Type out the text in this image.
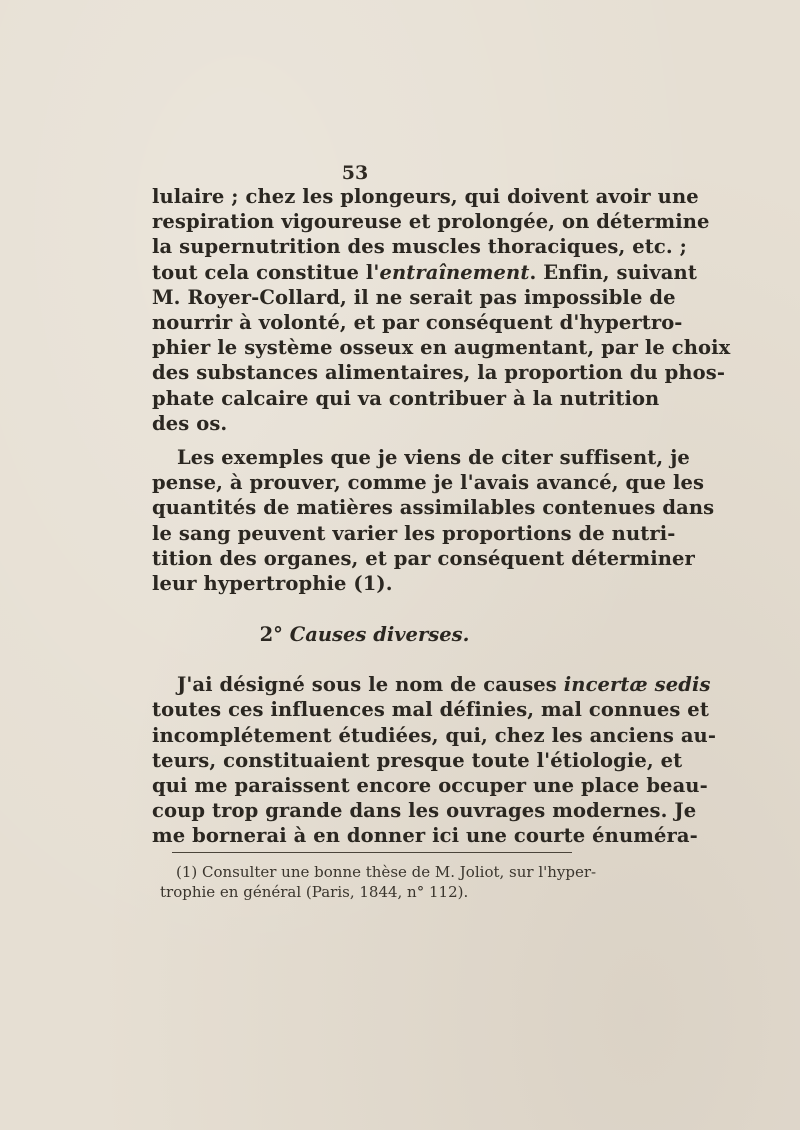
53
lulaire ; chez les plongeurs, qui doivent avoir une
respiration vigoureuse et prolongée, on détermine
la supernutrition des muscles thoraciques, etc. ;
tout cela constitue l'entraînement. Enfin, suivant
M. Royer-Collard, il ne serait pas impossible de
nourrir à volonté, et par conséquent d'hypertro-
phier le système osseux en augmentant, par le choix
des substances alimentaires, la proportion du phos-
phate calcaire qui va contribuer à la nutrition
des os.
Les exemples que je viens de citer suffisent, je
pense, à prouver, comme je l'avais avancé, que les
quantités de matières assimilables contenues dans
le sang peuvent varier les proportions de nutri-
tition des organes, et par conséquent déterminer
leur hypertrophie (1).
2° Causes diverses.
J'ai désigné sous le nom de causes incertæ sedis
toutes ces influences mal définies, mal connues et
incomplétement étudiées, qui, chez les anciens au-
teurs, constituaient presque toute l'étiologie, et
qui me paraissent encore occuper une place beau-
coup trop grande dans les ouvrages modernes. Je
me bornerai à en donner ici une courte énuméra-
(1) Consulter une bonne thèse de M. Joliot, sur l'hyper-
trophie en général (Paris, 1844, n° 112).
